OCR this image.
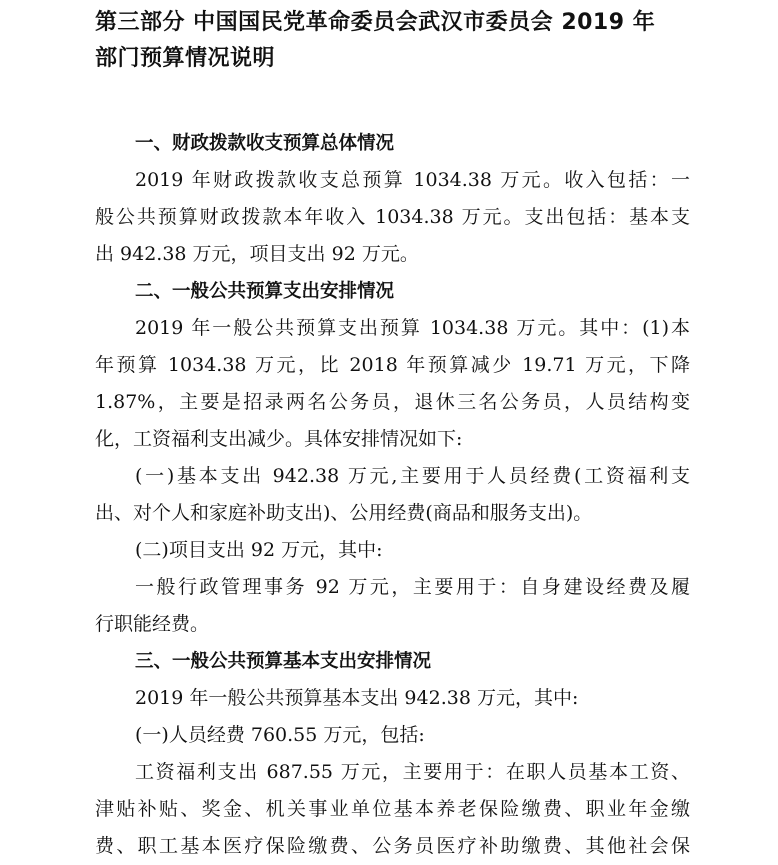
第三部分 中国国民党革命委员会武汉市委员会 2019 年
部门预算情况说明
一、财政拨款收支预算总体情况
2019 年财政拨款收支总预算 1034.38 万元。收入包括：一
般公共预算财政拨款本年收入 1034.38 万元。支出包括：基本支
出 942.38 万元，项目支出 92 万元。
二、一般公共预算支出安排情况
2019 年一般公共预算支出预算 1034.38 万元。其中：(1)本
年预算 1034.38 万元，比 2018 年预算减少 19.71 万元，下降
1.87%，主要是招录两名公务员，退休三名公务员，人员结构变
化，工资福利支出减少。具体安排情况如下:
(一)基本支出 942.38 万元,主要用于人员经费(工资福利支
出、对个人和家庭补助支出)、公用经费(商品和服务支出)。
(二)项目支出 92 万元，其中:
一般行政管理事务 92 万元，主要用于：自身建设经费及履
行职能经费。
三、一般公共预算基本支出安排情况
2019 年一般公共预算基本支出 942.38 万元，其中:
(一)人员经费 760.55 万元，包括:
工资福利支出 687.55 万元，主要用于：在职人员基本工资、
津贴补贴、奖金、机关事业单位基本养老保险缴费、职业年金缴
费、职工基本医疗保险缴费、公务员医疗补助缴费、其他社会保
